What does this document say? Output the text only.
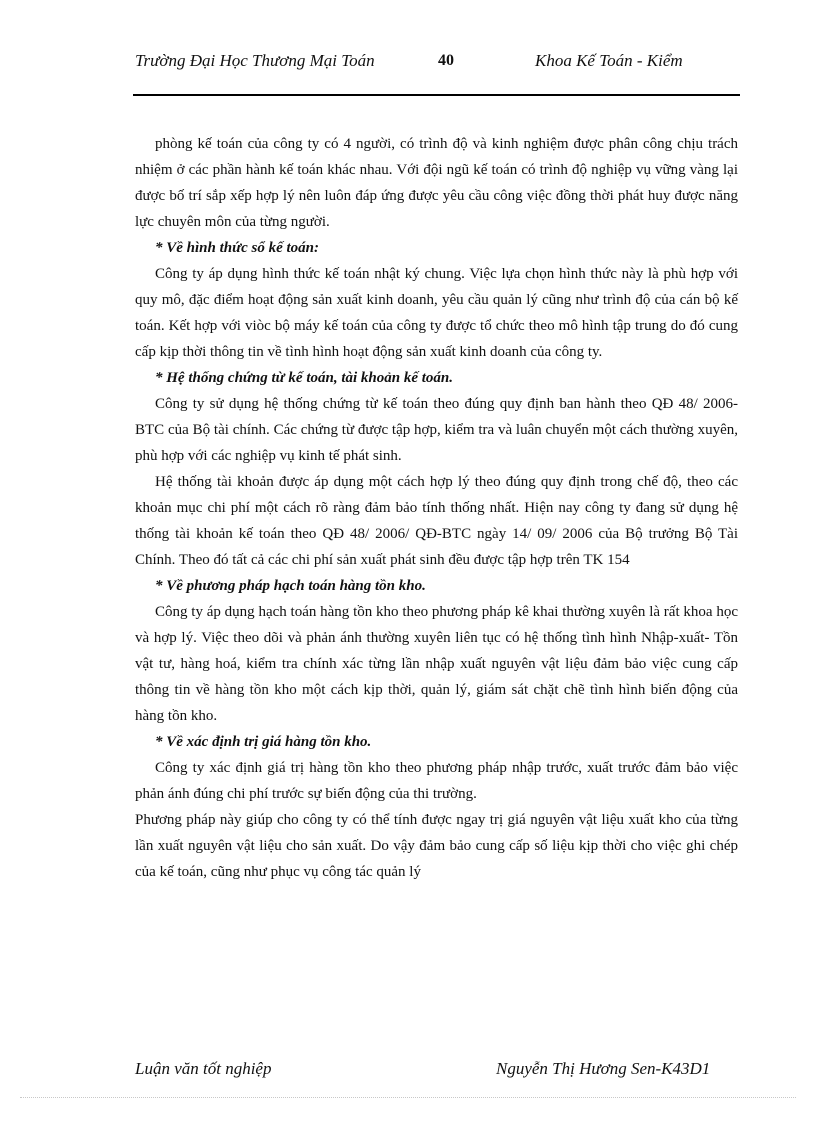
Trường Đại Học Thương Mại Toán	40	Khoa Kế Toán - Kiểm

phòng kế toán của công ty có 4 người, có trình độ và kinh nghiệm được phân công chịu trách nhiệm ở các phần hành kế toán khác nhau. Với đội ngũ kế toán có trình độ nghiệp vụ vững vàng lại được bố trí sắp xếp hợp lý nên luôn đáp ứng được yêu cầu công việc đồng thời phát huy được năng lực chuyên môn của từng người.

* Về hình thức sổ kế toán:

Công ty áp dụng hình thức kế toán nhật ký chung. Việc lựa chọn hình thức này là phù hợp với quy mô, đặc điểm hoạt động sản xuất kinh doanh, yêu cầu quản lý cũng như trình độ của cán bộ kế toán. Kết hợp với viòc bộ máy kế toán của công ty được tổ chức theo mô hình tập trung do đó cung cấp kịp thời thông tin về tình hình hoạt động sản xuất kinh doanh của công ty.

* Hệ thống chứng từ kế toán, tài khoản kế toán.

Công ty sử dụng hệ thống chứng từ kế toán theo đúng quy định ban hành theo QĐ 48/ 2006-BTC của Bộ tài chính. Các chứng từ được tập hợp, kiểm tra và luân chuyển một cách thường xuyên, phù hợp với các nghiệp vụ kinh tế phát sinh.

Hệ thống tài khoản được áp dụng một cách hợp lý theo đúng quy định trong chế độ, theo các khoản mục chi phí một cách rõ ràng đảm bảo tính thống nhất. Hiện nay công ty đang sử dụng hệ thống tài khoản kế toán theo QĐ 48/ 2006/ QĐ-BTC ngày 14/ 09/ 2006 của Bộ trưởng Bộ Tài Chính. Theo đó tất cả các chi phí sản xuất phát sinh đều được tập hợp trên TK 154

* Về phương pháp hạch toán hàng tồn kho.

Công ty áp dụng hạch toán hàng tồn kho theo phương pháp kê khai thường xuyên là rất khoa học và hợp lý. Việc theo dõi và phản ánh thường xuyên liên tục có hệ thống tình hình Nhập-xuất- Tồn vật tư, hàng hoá, kiểm tra chính xác từng lần nhập xuất nguyên vật liệu đảm bảo việc cung cấp thông tin về hàng tồn kho một cách kịp thời, quản lý, giám sát chặt chẽ tình hình biến động của hàng tồn kho.

* Về xác định trị giá hàng tồn kho.

Công ty xác định giá trị hàng tồn kho theo phương pháp nhập trước, xuất trước đảm bảo việc phản ánh đúng chi phí trước sự biến động của thi trường.

Phương pháp này giúp cho công ty có thể tính được ngay trị giá nguyên vật liệu xuất kho của từng lần xuất nguyên vật liệu cho sản xuất. Do vậy đảm bảo cung cấp số liệu kịp thời cho việc ghi chép của kế toán, cũng như phục vụ công tác quản lý

Luận văn tốt nghiệp	Nguyễn Thị Hương Sen-K43D1
